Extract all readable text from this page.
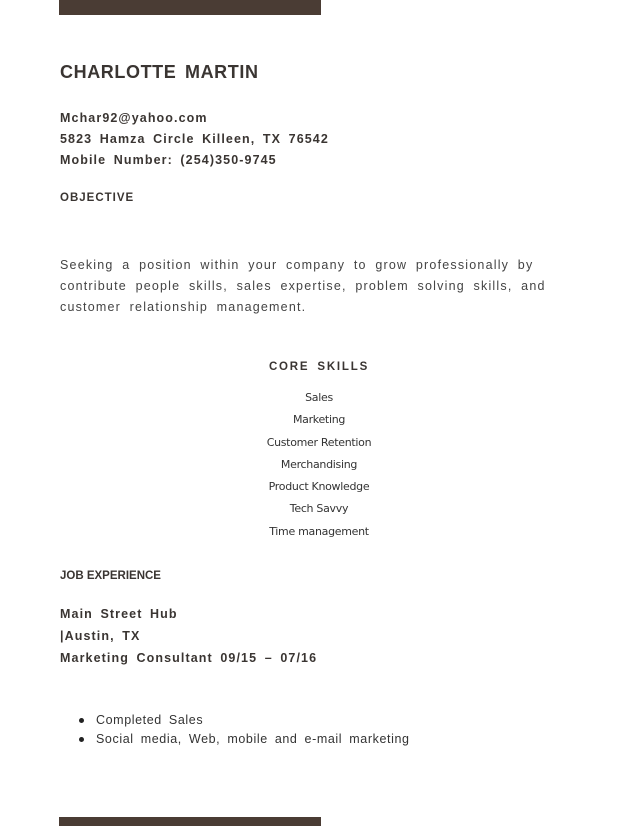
CHARLOTTE MARTIN
Mchar92@yahoo.com
5823 Hamza Circle Killeen, TX 76542
Mobile Number: (254)350-9745
OBJECTIVE
Seeking a position within your company to grow professionally by
contribute people skills, sales expertise, problem solving skills, and
customer relationship management.
CORE SKILLS
Sales
Marketing
Customer Retention
Merchandising
Product Knowledge
Tech Savvy
Time management
JOB EXPERIENCE
Main Street Hub
|Austin, TX
Marketing Consultant 09/15 – 07/16
Completed Sales
Social media, Web, mobile and e-mail marketing
